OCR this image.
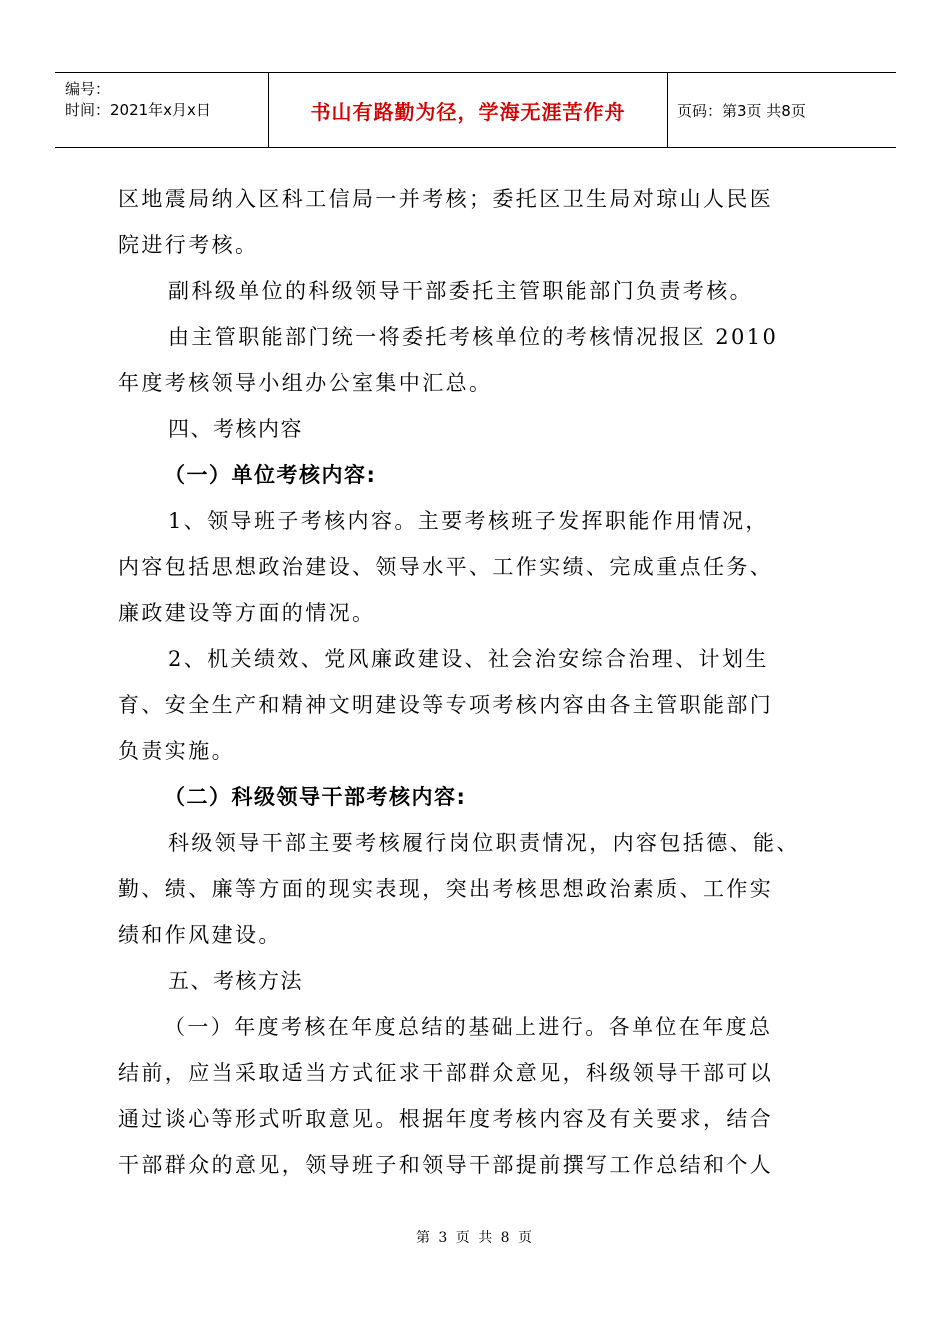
编号：
时间：2021年x月x日	书山有路勤为径，学海无涯苦作舟	页码：第3页 共8页
区地震局纳入区科工信局一并考核；委托区卫生局对琼山人民医
院进行考核。
副科级单位的科级领导干部委托主管职能部门负责考核。
由主管职能部门统一将委托考核单位的考核情况报区 2010
年度考核领导小组办公室集中汇总。
四、考核内容
（一）单位考核内容:
1、领导班子考核内容。主要考核班子发挥职能作用情况，
内容包括思想政治建设、领导水平、工作实绩、完成重点任务、
廉政建设等方面的情况。
2、机关绩效、党风廉政建设、社会治安综合治理、计划生
育、安全生产和精神文明建设等专项考核内容由各主管职能部门
负责实施。
（二）科级领导干部考核内容:
科级领导干部主要考核履行岗位职责情况，内容包括德、能、
勤、绩、廉等方面的现实表现，突出考核思想政治素质、工作实
绩和作风建设。
五、考核方法
（一）年度考核在年度总结的基础上进行。各单位在年度总
结前，应当采取适当方式征求干部群众意见，科级领导干部可以
通过谈心等形式听取意见。根据年度考核内容及有关要求，结合
干部群众的意见，领导班子和领导干部提前撰写工作总结和个人
第 3 页 共 8 页
